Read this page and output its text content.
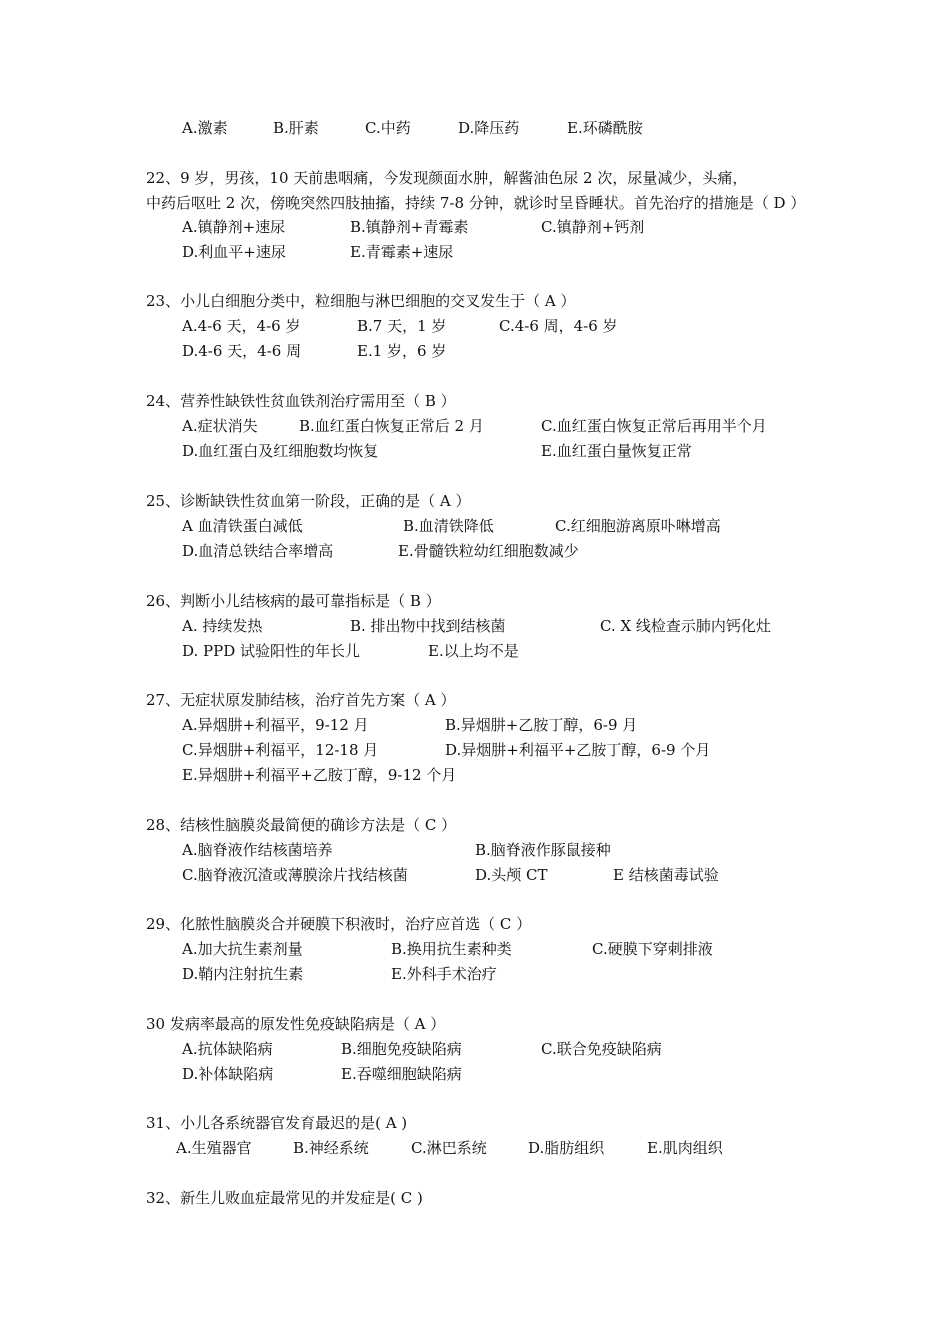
A.激素	B.肝素	C.中药	D.降压药	E.环磷酰胺
22、9 岁，男孩，10 天前患咽痛，今发现颜面水肿，解酱油色尿 2 次，尿量减少，头痛，
中药后呕吐 2 次，傍晚突然四肢抽搐，持续 7-8 分钟，就诊时呈昏睡状。首先治疗的措施是（ D ）
A.镇静剂+速尿	B.镇静剂+青霉素	C.镇静剂+钙剂
D.利血平+速尿	E.青霉素+速尿
23、小儿白细胞分类中，粒细胞与淋巴细胞的交叉发生于（ A ）
A.4-6 天，4-6 岁	B.7 天，1 岁	C.4-6 周，4-6 岁
D.4-6 天，4-6 周	E.1 岁，6 岁
24、营养性缺铁性贫血铁剂治疗需用至（ B ）
A.症状消失	B.血红蛋白恢复正常后 2 月	C.血红蛋白恢复正常后再用半个月
D.血红蛋白及红细胞数均恢复	E.血红蛋白量恢复正常
25、诊断缺铁性贫血第一阶段，正确的是（ A ）
A 血清铁蛋白减低	B.血清铁降低	C.红细胞游离原卟啉增高
D.血清总铁结合率增高	E.骨髓铁粒幼红细胞数减少
26、判断小儿结核病的最可靠指标是（ B ）
A. 持续发热	B. 排出物中找到结核菌	C. X 线检查示肺内钙化灶
D. PPD 试验阳性的年长儿	E.以上均不是
27、无症状原发肺结核，治疗首先方案（ A ）
A.异烟肼+利福平，9-12 月	B.异烟肼+乙胺丁醇，6-9 月
C.异烟肼+利福平，12-18 月	D.异烟肼+利福平+乙胺丁醇，6-9 个月
E.异烟肼+利福平+乙胺丁醇，9-12 个月
28、结核性脑膜炎最简便的确诊方法是（ C ）
A.脑脊液作结核菌培养	B.脑脊液作豚鼠接种
C.脑脊液沉渣或薄膜涂片找结核菌	D.头颅 CT	E 结核菌毒试验
29、化脓性脑膜炎合并硬膜下积液时，治疗应首选（ C ）
A.加大抗生素剂量	B.换用抗生素种类	C.硬膜下穿刺排液
D.鞘内注射抗生素	E.外科手术治疗
30 发病率最高的原发性免疫缺陷病是（ A ）
A.抗体缺陷病	B.细胞免疫缺陷病	C.联合免疫缺陷病
D.补体缺陷病	E.吞噬细胞缺陷病
31、小儿各系统器官发育最迟的是( A )
A.生殖器官	B.神经系统	C.淋巴系统	D.脂肪组织	E.肌肉组织
32、新生儿败血症最常见的并发症是( C )
